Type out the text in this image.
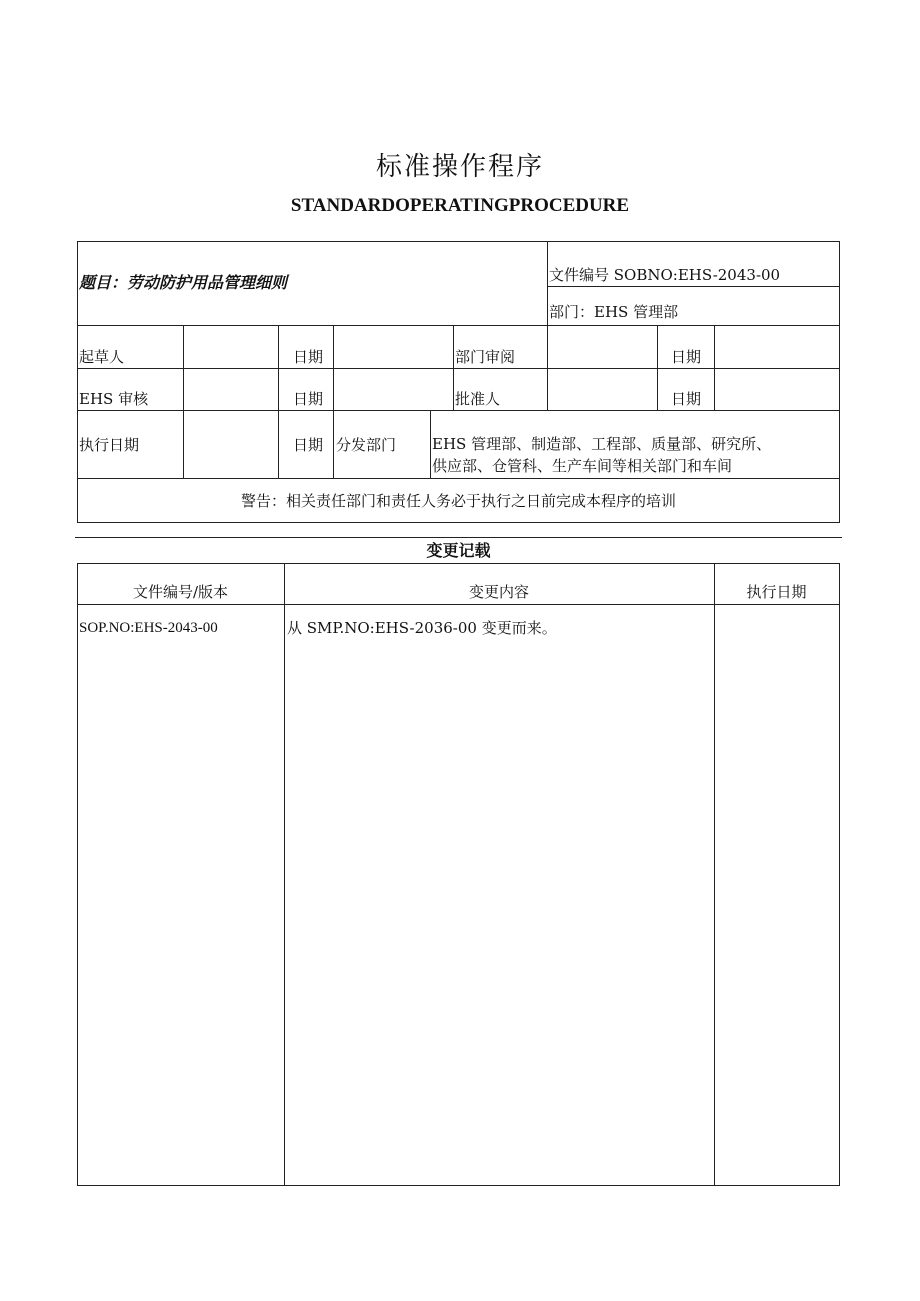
标准操作程序
STANDARDOPERATINGPROCEDURE
题目：劳动防护用品管理细则	文件编号 SOBNO:EHS-2043-00
部门：EHS 管理部
起草人	日期	部门审阅	日期
EHS 审核	日期	批准人	日期
执行日期	日期 分发部门 EHS 管理部、制造部、工程部、质量部、研究所、
供应部、仓管科、生产车间等相关部门和车间
警告：相关责任部门和责任人务必于执行之日前完成本程序的培训
变更记载
文件编号/版本	变更内容	执行日期
SOP.NO:EHS-2043-00	从 SMP.NO:EHS-2036-00 变更而来。
